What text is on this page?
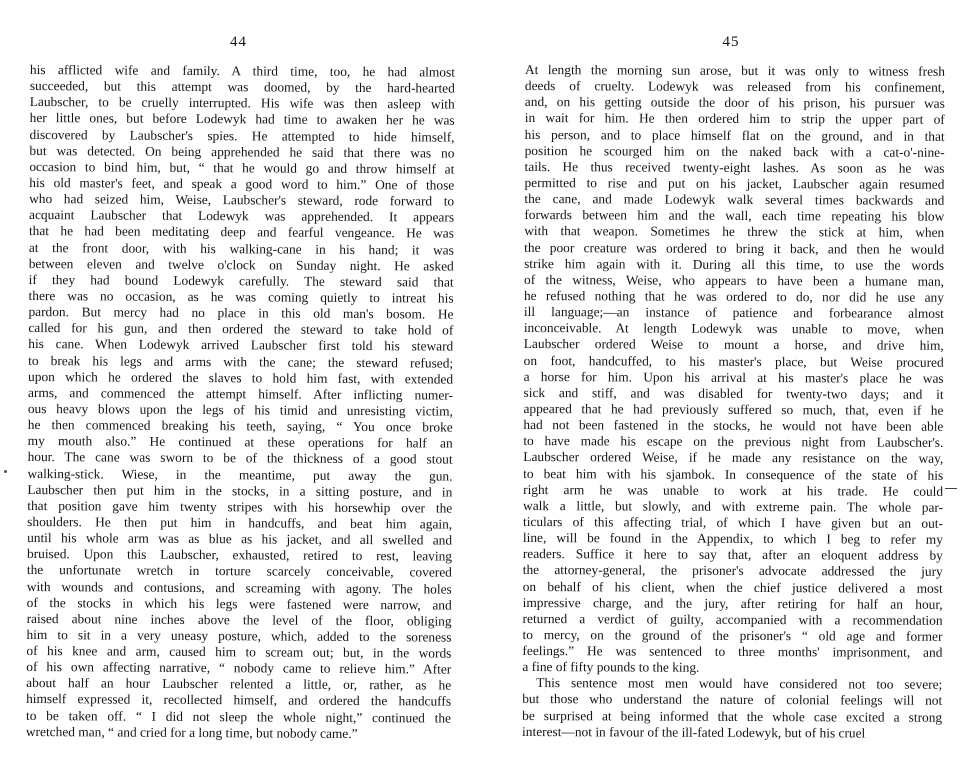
44
his afflicted wife and family. A third time, too, he had almost
succeeded, but this attempt was doomed, by the hard-hearted
Laubscher, to be cruelly interrupted. His wife was then asleep with
her little ones, but before Lodewyk had time to awaken her he was
discovered by Laubscher's spies. He attempted to hide himself,
but was detected. On being apprehended he said that there was no
occasion to bind him, but, “ that he would go and throw himself at
his old master's feet, and speak a good word to him.” One of those
who had seized him, Weise, Laubscher's steward, rode forward to
acquaint Laubscher that Lodewyk was apprehended. It appears
that he had been meditating deep and fearful vengeance. He was
at the front door, with his walking-cane in his hand; it was
between eleven and twelve o'clock on Sunday night. He asked
if they had bound Lodewyk carefully. The steward said that
there was no occasion, as he was coming quietly to intreat his
pardon. But mercy had no place in this old man's bosom. He
called for his gun, and then ordered the steward to take hold of
his cane. When Lodewyk arrived Laubscher first told his steward
to break his legs and arms with the cane; the steward refused;
upon which he ordered the slaves to hold him fast, with extended
arms, and commenced the attempt himself. After inflicting numer-
ous heavy blows upon the legs of his timid and unresisting victim,
he then commenced breaking his teeth, saying, “ You once broke
my mouth also.” He continued at these operations for half an
hour. The cane was sworn to be of the thickness of a good stout
walking-stick. Wiese, in the meantime, put away the gun.
Laubscher then put him in the stocks, in a sitting posture, and in
that position gave him twenty stripes with his horsewhip over the
shoulders. He then put him in handcuffs, and beat him again,
until his whole arm was as blue as his jacket, and all swelled and
bruised. Upon this Laubscher, exhausted, retired to rest, leaving
the unfortunate wretch in torture scarcely conceivable, covered
with wounds and contusions, and screaming with agony. The holes
of the stocks in which his legs were fastened were narrow, and
raised about nine inches above the level of the floor, obliging
him to sit in a very uneasy posture, which, added to the soreness
of his knee and arm, caused him to scream out; but, in the words
of his own affecting narrative, “ nobody came to relieve him.” After
about half an hour Laubscher relented a little, or, rather, as he
himself expressed it, recollected himself, and ordered the handcuffs
to be taken off. “ I did not sleep the whole night,” continued the
wretched man, “ and cried for a long time, but nobody came.”
45
At length the morning sun arose, but it was only to witness fresh
deeds of cruelty. Lodewyk was released from his confinement,
and, on his getting outside the door of his prison, his pursuer was
in wait for him. He then ordered him to strip the upper part of
his person, and to place himself flat on the ground, and in that
position he scourged him on the naked back with a cat-o'-nine-
tails. He thus received twenty-eight lashes. As soon as he was
permitted to rise and put on his jacket, Laubscher again resumed
the cane, and made Lodewyk walk several times backwards and
forwards between him and the wall, each time repeating his blow
with that weapon. Sometimes he threw the stick at him, when
the poor creature was ordered to bring it back, and then he would
strike him again with it. During all this time, to use the words
of the witness, Weise, who appears to have been a humane man,
he refused nothing that he was ordered to do, nor did he use any
ill language;—an instance of patience and forbearance almost
inconceivable. At length Lodewyk was unable to move, when
Laubscher ordered Weise to mount a horse, and drive him,
on foot, handcuffed, to his master's place, but Weise procured
a horse for him. Upon his arrival at his master's place he was
sick and stiff, and was disabled for twenty-two days; and it
appeared that he had previously suffered so much, that, even if he
had not been fastened in the stocks, he would not have been able
to have made his escape on the previous night from Laubscher's.
Laubscher ordered Weise, if he made any resistance on the way,
to beat him with his sjambok. In consequence of the state of his
right arm he was unable to work at his trade. He could
walk a little, but slowly, and with extreme pain. The whole par-
ticulars of this affecting trial, of which I have given but an out-
line, will be found in the Appendix, to which I beg to refer my
readers. Suffice it here to say that, after an eloquent address by
the attorney-general, the prisoner's advocate addressed the jury
on behalf of his client, when the chief justice delivered a most
impressive charge, and the jury, after retiring for half an hour,
returned a verdict of guilty, accompanied with a recommendation
to mercy, on the ground of the prisoner's “ old age and former
feelings.” He was sentenced to three months' imprisonment, and
a fine of fifty pounds to the king.
This sentence most men would have considered not too severe;
but those who understand the nature of colonial feelings will not
be surprised at being informed that the whole case excited a strong
interest—not in favour of the ill-fated Lodewyk, but of his cruel
